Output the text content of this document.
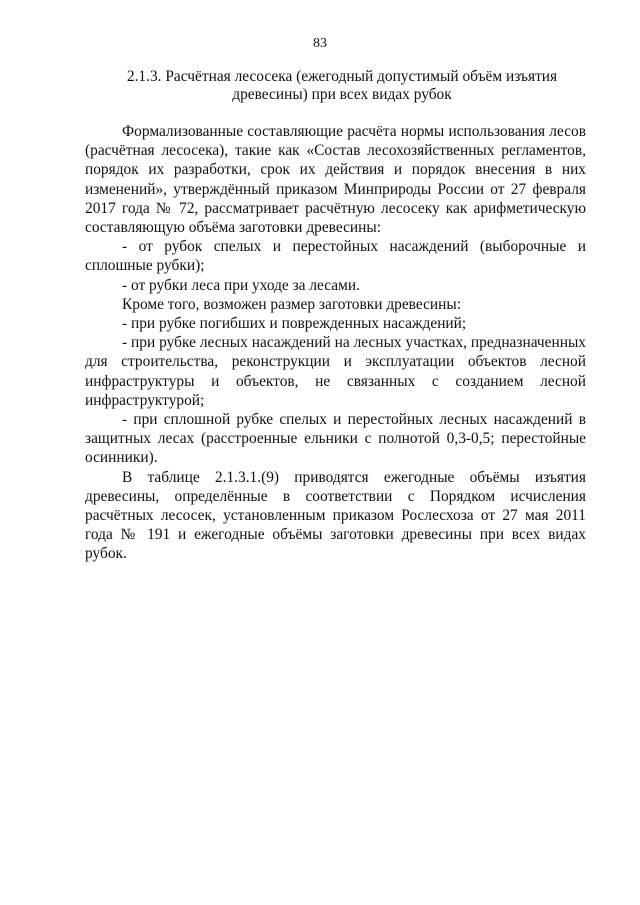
83
2.1.3. Расчётная лесосека (ежегодный допустимый объём изъятия древесины) при всех видах рубок

Формализованные составляющие расчёта нормы использования лесов (расчётная лесосека), такие как «Состав лесохозяйственных регламентов, порядок их разработки, срок их действия и порядок внесения в них изменений», утверждённый приказом Минприроды России от 27 февраля 2017 года № 72, рассматривает расчётную лесосеку как арифметическую составляющую объёма заготовки древесины:

- от рубок спелых и перестойных насаждений (выборочные и сплошные рубки);

- от рубки леса при уходе за лесами.

Кроме того, возможен размер заготовки древесины:

- при рубке погибших и поврежденных насаждений;

- при рубке лесных насаждений на лесных участках, предназначенных для строительства, реконструкции и эксплуатации объектов лесной инфраструктуры и объектов, не связанных с созданием лесной инфраструктурой;

- при сплошной рубке спелых и перестойных лесных насаждений в защитных лесах (расстроенные ельники с полнотой 0,3-0,5; перестойные осинники).

В таблице 2.1.3.1.(9) приводятся ежегодные объёмы изъятия древесины, определённые в соответствии с Порядком исчисления расчётных лесосек, установленным приказом Рослесхоза от 27 мая 2011 года № 191 и ежегодные объёмы заготовки древесины при всех видах рубок.
